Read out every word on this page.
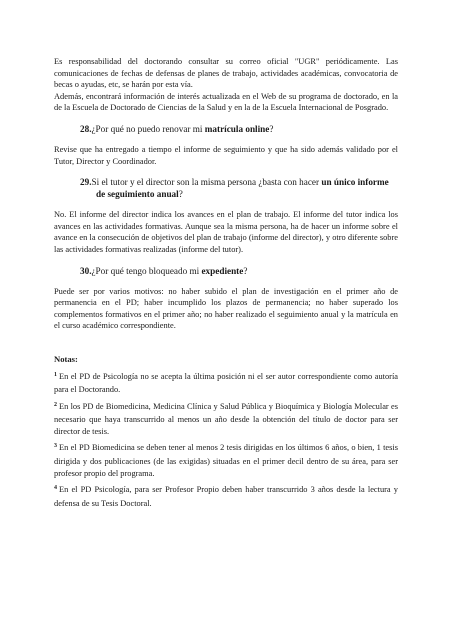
Es responsabilidad del doctorando consultar su correo oficial "UGR" periódicamente. Las comunicaciones de fechas de defensas de planes de trabajo, actividades académicas, convocatoria de becas o ayudas, etc, se harán por esta vía.

Además, encontrará información de interés actualizada en el Web de su programa de doctorado, en la de la Escuela de Doctorado de Ciencias de la Salud y en la de la Escuela Internacional de Posgrado.

28.¿Por qué no puedo renovar mi matrícula online?

Revise que ha entregado a tiempo el informe de seguimiento y que ha sido además validado por el Tutor, Director y Coordinador.

29.Si el tutor y el director son la misma persona ¿basta con hacer un único informe de seguimiento anual?

No. El informe del director indica los avances en el plan de trabajo. El informe del tutor indica los avances en las actividades formativas. Aunque sea la misma persona, ha de hacer un informe sobre el avance en la consecución de objetivos del plan de trabajo (informe del director), y otro diferente sobre las actividades formativas realizadas (informe del tutor).

30.¿Por qué tengo bloqueado mi expediente?

Puede ser por varios motivos: no haber subido el plan de investigación en el primer año de permanencia en el PD; haber incumplido los plazos de permanencia; no haber superado los complementos formativos en el primer año; no haber realizado el seguimiento anual y la matrícula en el curso académico correspondiente.

Notas:

$^1$ En el PD de Psicología no se acepta la última posición ni el ser autor correspondiente como autoría para el Doctorando.

$^2$ En los PD de Biomedicina, Medicina Clínica y Salud Pública y Bioquímica y Biología Molecular es necesario que haya transcurrido al menos un año desde la obtención del título de doctor para ser director de tesis.

$^3$ En el PD Biomedicina se deben tener al menos 2 tesis dirigidas en los últimos 6 años, o bien, 1 tesis dirigida y dos publicaciones (de las exigidas) situadas en el primer decil dentro de su área, para ser profesor propio del programa.

$^4$ En el PD Psicología, para ser Profesor Propio deben haber transcurrido 3 años desde la lectura y defensa de su Tesis Doctoral.
